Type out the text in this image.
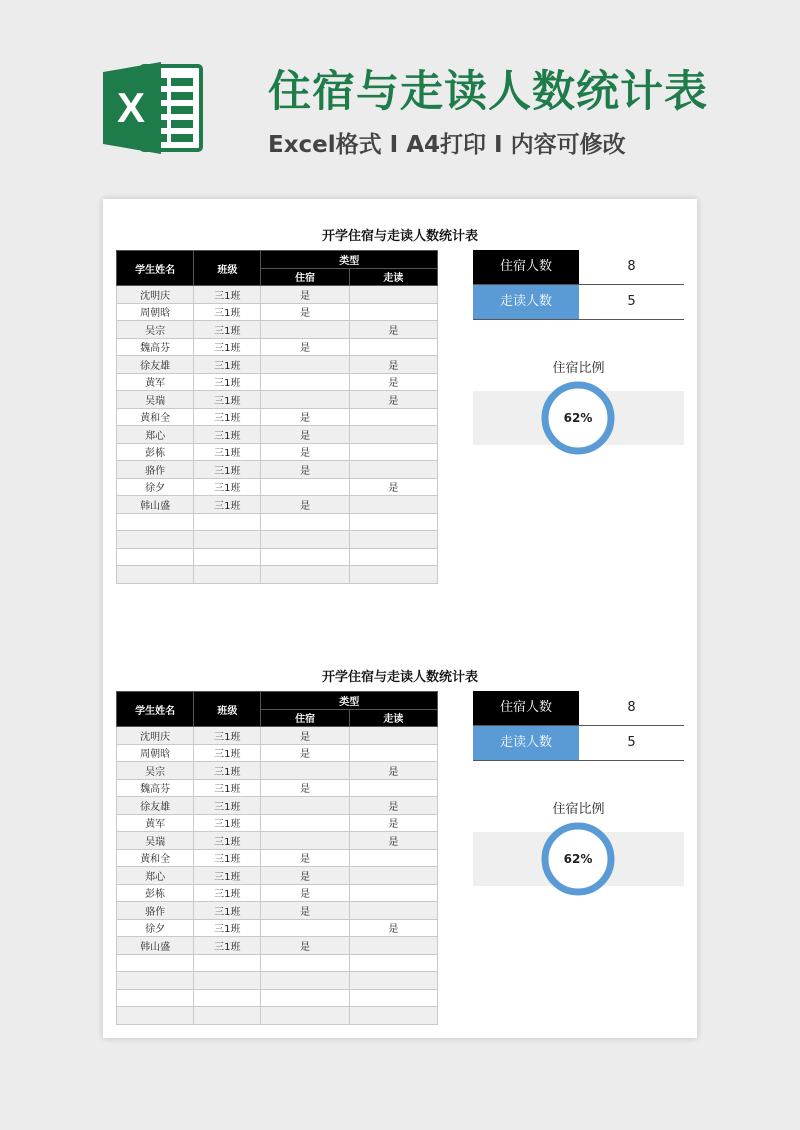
X	住宿与走读人数统计表
Excel格式 I A4打印 I 内容可修改
开学住宿与走读人数统计表
学生姓名	班级	类型	
		住宿	走读
沈明庆	三1班	是	
周朝晗	三1班	是	
吴宗	三1班		是
魏高芬	三1班	是	
徐友雄	三1班		是
黄军	三1班		是
吴瑞	三1班		是
黄和全	三1班	是	
郑心	三1班	是	
彭栋	三1班	是	
骆作	三1班	是	
徐夕	三1班		是
韩山盛	三1班	是	

住宿人数	8
走读人数	5
住宿比例
62%
开学住宿与走读人数统计表
学生姓名	班级	类型	
		住宿	走读
沈明庆	三1班	是	
周朝晗	三1班	是	
吴宗	三1班		是
魏高芬	三1班	是	
徐友雄	三1班		是
黄军	三1班		是
吴瑞	三1班		是
黄和全	三1班	是	
郑心	三1班	是	
彭栋	三1班	是	
骆作	三1班	是	
徐夕	三1班		是
韩山盛	三1班	是	

住宿人数	8
走读人数	5
住宿比例
62%
